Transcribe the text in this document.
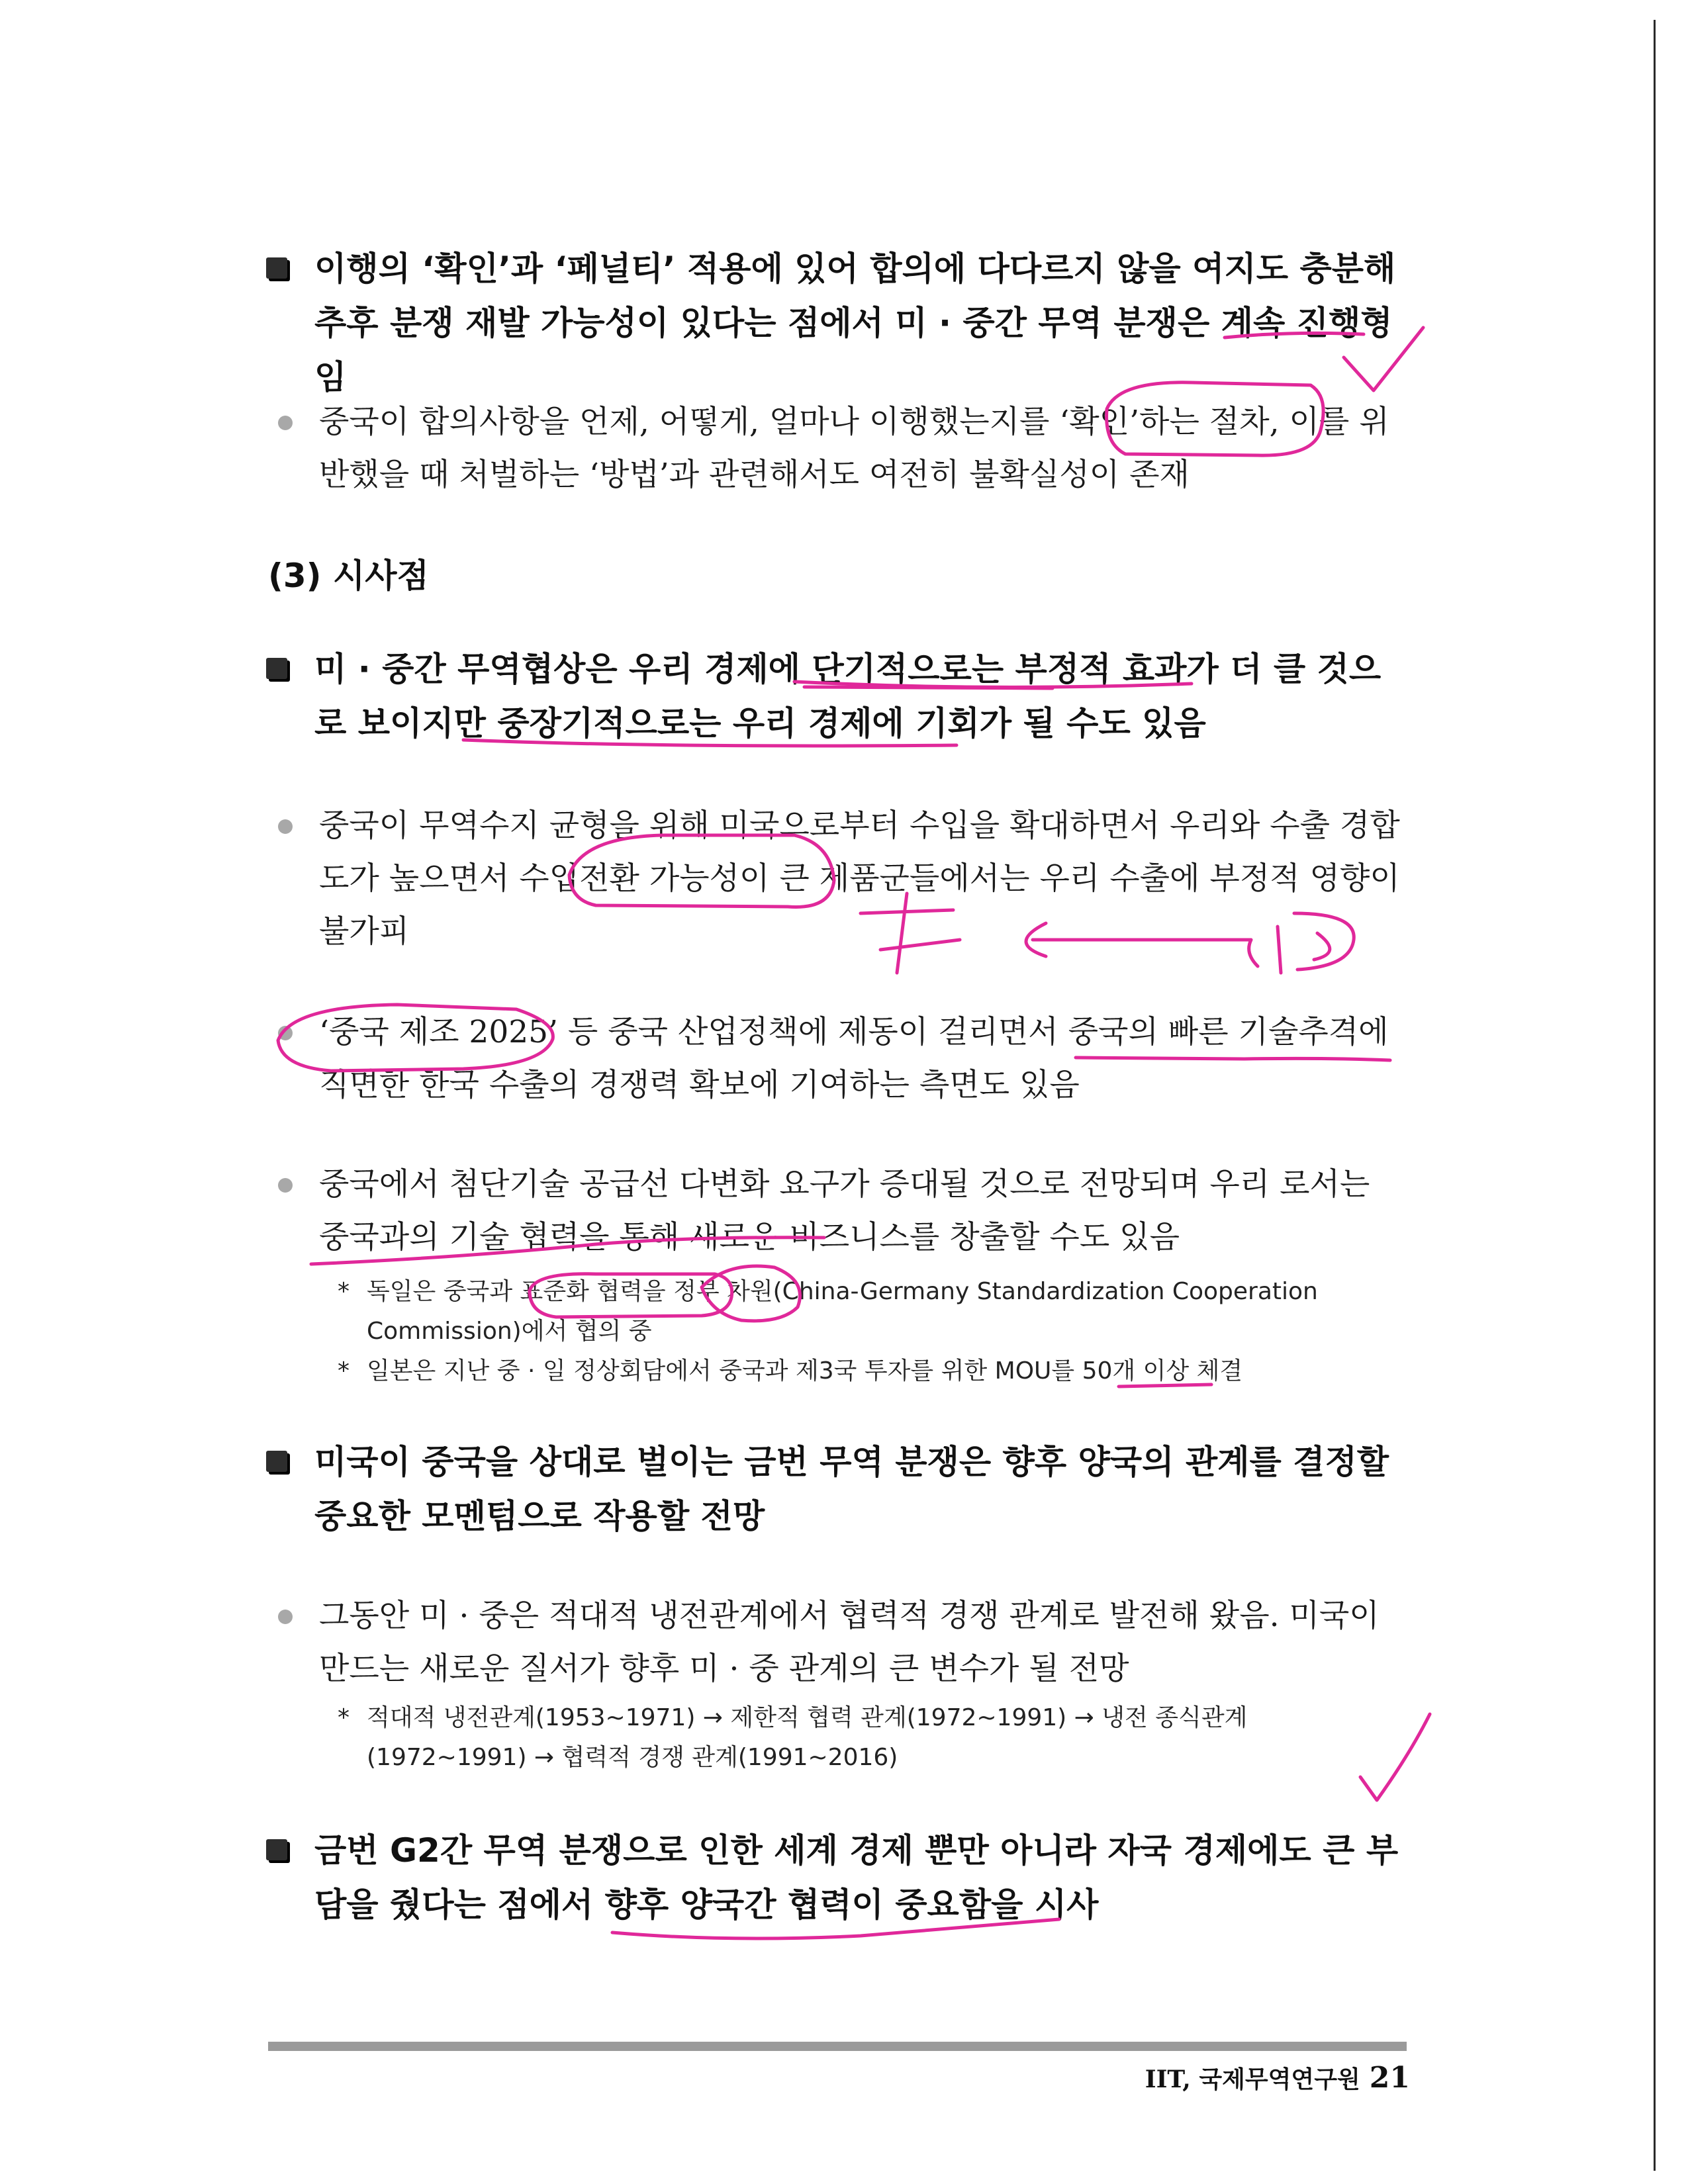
이행의 ‘확인’과 ‘페널티’ 적용에 있어 합의에 다다르지 않을 여지도 충분해 추후 분쟁 재발 가능성이 있다는 점에서 미 · 중간 무역 분쟁은 계속 진행형임
중국이 합의사항을 언제, 어떻게, 얼마나 이행했는지를 ‘확인’하는 절차, 이를 위반했을 때 처벌하는 ‘방법’과 관련해서도 여전히 불확실성이 존재
(3) 시사점
미 · 중간 무역협상은 우리 경제에 단기적으로는 부정적 효과가 더 클 것으로 보이지만 중장기적으로는 우리 경제에 기회가 될 수도 있음
중국이 무역수지 균형을 위해 미국으로부터 수입을 확대하면서 우리와 수출 경합도가 높으면서 수입전환 가능성이 큰 제품군들에서는 우리 수출에 부정적 영향이 불가피
‘중국 제조 2025’ 등 중국 산업정책에 제동이 걸리면서 중국의 빠른 기술추격에 직면한 한국 수출의 경쟁력 확보에 기여하는 측면도 있음
중국에서 첨단기술 공급선 다변화 요구가 증대될 것으로 전망되며 우리 로서는 중국과의 기술 협력을 통해 새로운 비즈니스를 창출할 수도 있음
* 독일은 중국과 표준화 협력을 정부 차원(China-Germany Standardization Cooperation Commission)에서 협의 중
* 일본은 지난 중 · 일 정상회담에서 중국과 제3국 투자를 위한 MOU를 50개 이상 체결
미국이 중국을 상대로 벌이는 금번 무역 분쟁은 향후 양국의 관계를 결정할 중요한 모멘텀으로 작용할 전망
그동안 미 · 중은 적대적 냉전관계에서 협력적 경쟁 관계로 발전해 왔음. 미국이 만드는 새로운 질서가 향후 미 · 중 관계의 큰 변수가 될 전망
* 적대적 냉전관계(1953~1971) → 제한적 협력 관계(1972~1991) → 냉전 종식관계 (1972~1991) → 협력적 경쟁 관계(1991~2016)
금번 G2간 무역 분쟁으로 인한 세계 경제 뿐만 아니라 자국 경제에도 큰 부담을 줬다는 점에서 향후 양국간 협력이 중요함을 시사
IIT, 국제무역연구원 21
